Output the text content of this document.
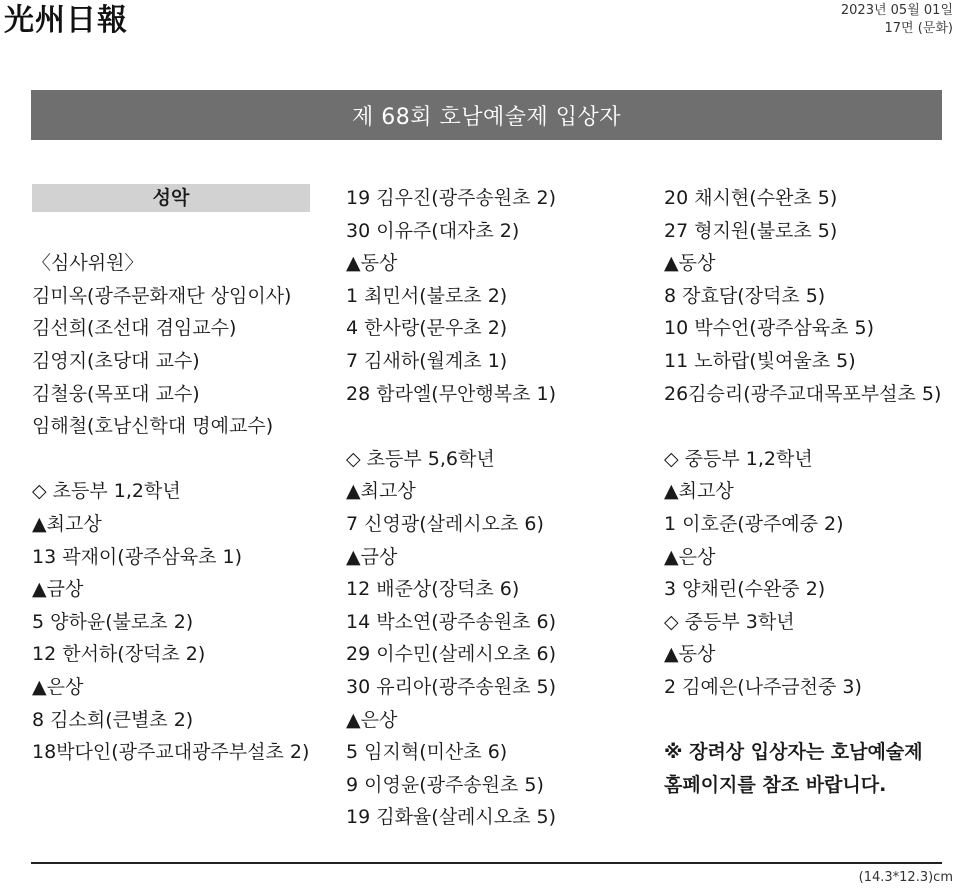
光州日報	2023년 05월 01일
17면 (문화)
제 68회 호남예술제 입상자
성악
〈심사위원〉
김미옥(광주문화재단 상임이사)
김선희(조선대 겸임교수)
김영지(초당대 교수)
김철웅(목포대 교수)
임해철(호남신학대 명예교수)
◇ 초등부 1,2학년
▲최고상
13 곽재이(광주삼육초 1)
▲금상
5 양하윤(불로초 2)
12 한서하(장덕초 2)
▲은상
8 김소희(큰별초 2)
18박다인(광주교대광주부설초 2)
19 김우진(광주송원초 2)
30 이유주(대자초 2)
▲동상
1 최민서(불로초 2)
4 한사랑(문우초 2)
7 김새하(월계초 1)
28 함라엘(무안행복초 1)
◇ 초등부 5,6학년
▲최고상
7 신영광(살레시오초 6)
▲금상
12 배준상(장덕초 6)
14 박소연(광주송원초 6)
29 이수민(살레시오초 6)
30 유리아(광주송원초 5)
▲은상
5 임지혁(미산초 6)
9 이영윤(광주송원초 5)
19 김화율(살레시오초 5)
20 채시현(수완초 5)
27 형지원(불로초 5)
▲동상
8 장효담(장덕초 5)
10 박수언(광주삼육초 5)
11 노하랍(빛여울초 5)
26김승리(광주교대목포부설초 5)
◇ 중등부 1,2학년
▲최고상
1 이호준(광주예중 2)
▲은상
3 양채린(수완중 2)
◇ 중등부 3학년
▲동상
2 김예은(나주금천중 3)
※ 장려상 입상자는 호남예술제
홈페이지를 참조 바랍니다.
(14.3*12.3)cm
